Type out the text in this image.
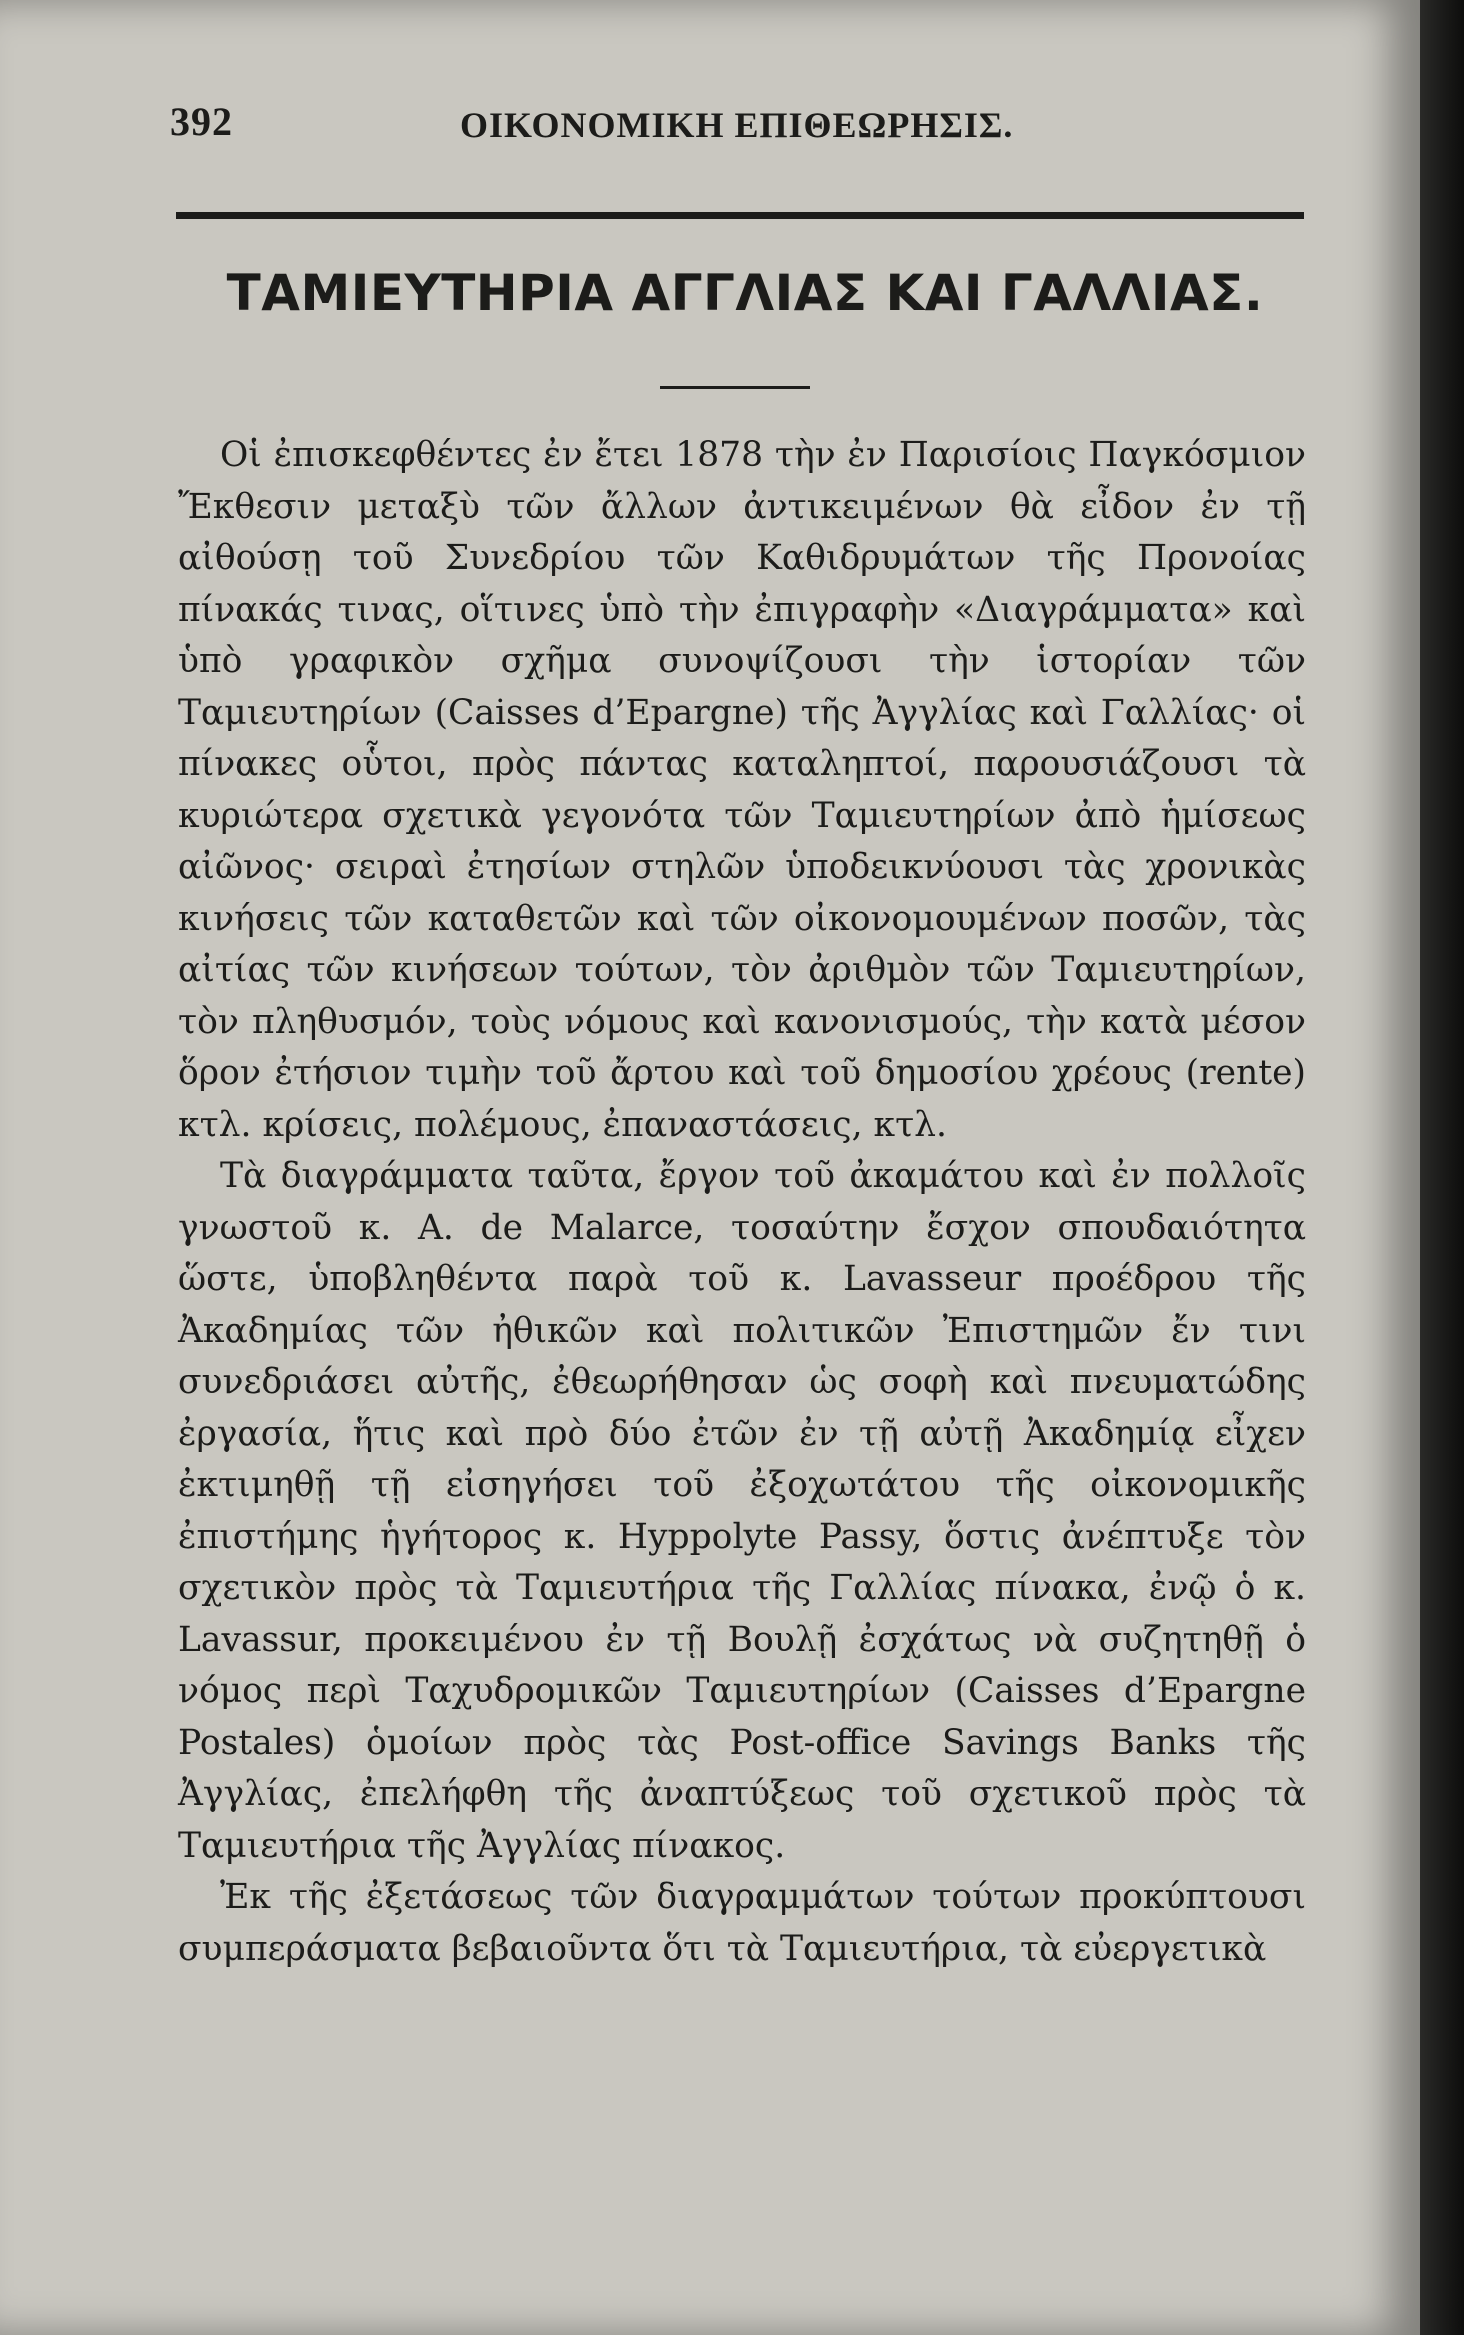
392	ΟΙΚΟΝΟΜΙΚΗ ΕΠΙΘΕΩΡΗΣΙΣ.
ΤΑΜΙΕΥΤΗΡΙΑ ΑΓΓΛΙΑΣ ΚΑΙ ΓΑΛΛΙΑΣ.

Οἱ ἐπισκεφθέντες ἐν ἔτει 1878 τὴν ἐν Παρισίοις Παγκόσμιον Ἔκθεσιν μεταξὺ τῶν ἄλλων ἀντικειμένων θὰ εἶδον ἐν τῇ αἰθούσῃ τοῦ Συνεδρίου τῶν Καθιδρυμάτων τῆς Προνοίας πίνακάς τινας, οἵτινες ὑπὸ τὴν ἐπιγραφὴν «Διαγράμματα» καὶ ὑπὸ γραφικὸν σχῆμα συνοψίζουσι τὴν ἱστορίαν τῶν Ταμιευτηρίων (Caisses d’Epargne) τῆς Ἀγγλίας καὶ Γαλλίας· οἱ πίνακες οὗτοι, πρὸς πάντας καταληπτοί, παρουσιάζουσι τὰ κυριώτερα σχετικὰ γεγονότα τῶν Ταμιευτηρίων ἀπὸ ἡμίσεως αἰῶνος· σειραὶ ἐτησίων στηλῶν ὑποδεικνύουσι τὰς χρονικὰς κινήσεις τῶν καταθετῶν καὶ τῶν οἰκονομουμένων ποσῶν, τὰς αἰτίας τῶν κινήσεων τούτων, τὸν ἀριθμὸν τῶν Ταμιευτηρίων, τὸν πληθυσμόν, τοὺς νόμους καὶ κανονισμούς, τὴν κατὰ μέσον ὅρον ἐτήσιον τιμὴν τοῦ ἄρτου καὶ τοῦ δημοσίου χρέους (rente) κτλ. κρίσεις, πολέμους, ἐπαναστάσεις, κτλ.

Τὰ διαγράμματα ταῦτα, ἔργον τοῦ ἀκαμάτου καὶ ἐν πολλοῖς γνωστοῦ κ. A. de Malarce, τοσαύτην ἔσχον σπουδαιότητα ὥστε, ὑποβληθέντα παρὰ τοῦ κ. Lavasseur προέδρου τῆς Ἀκαδημίας τῶν ἠθικῶν καὶ πολιτικῶν Ἐπιστημῶν ἔν τινι συνεδριάσει αὐτῆς, ἐθεωρήθησαν ὡς σοφὴ καὶ πνευματώδης ἐργασία, ἥτις καὶ πρὸ δύο ἐτῶν ἐν τῇ αὐτῇ Ἀκαδημίᾳ εἶχεν ἐκτιμηθῇ τῇ εἰσηγήσει τοῦ ἐξοχωτάτου τῆς οἰκονομικῆς ἐπιστήμης ἡγήτορος κ. Hyppolyte Passy, ὅστις ἀνέπτυξε τὸν σχετικὸν πρὸς τὰ Ταμιευτήρια τῆς Γαλλίας πίνακα, ἐνῷ ὁ κ. Lavassur, προκειμένου ἐν τῇ Βουλῇ ἐσχάτως νὰ συζητηθῇ ὁ νόμος περὶ Ταχυδρομικῶν Ταμιευτηρίων (Caisses d’Epargne Postales) ὁμοίων πρὸς τὰς Post-office Savings Banks τῆς Ἀγγλίας, ἐπελήφθη τῆς ἀναπτύξεως τοῦ σχετικοῦ πρὸς τὰ Ταμιευτήρια τῆς Ἀγγλίας πίνακος.

Ἐκ τῆς ἐξετάσεως τῶν διαγραμμάτων τούτων προκύπτουσι συμπεράσματα βεβαιοῦντα ὅτι τὰ Ταμιευτήρια, τὰ εὐεργετικὰ
